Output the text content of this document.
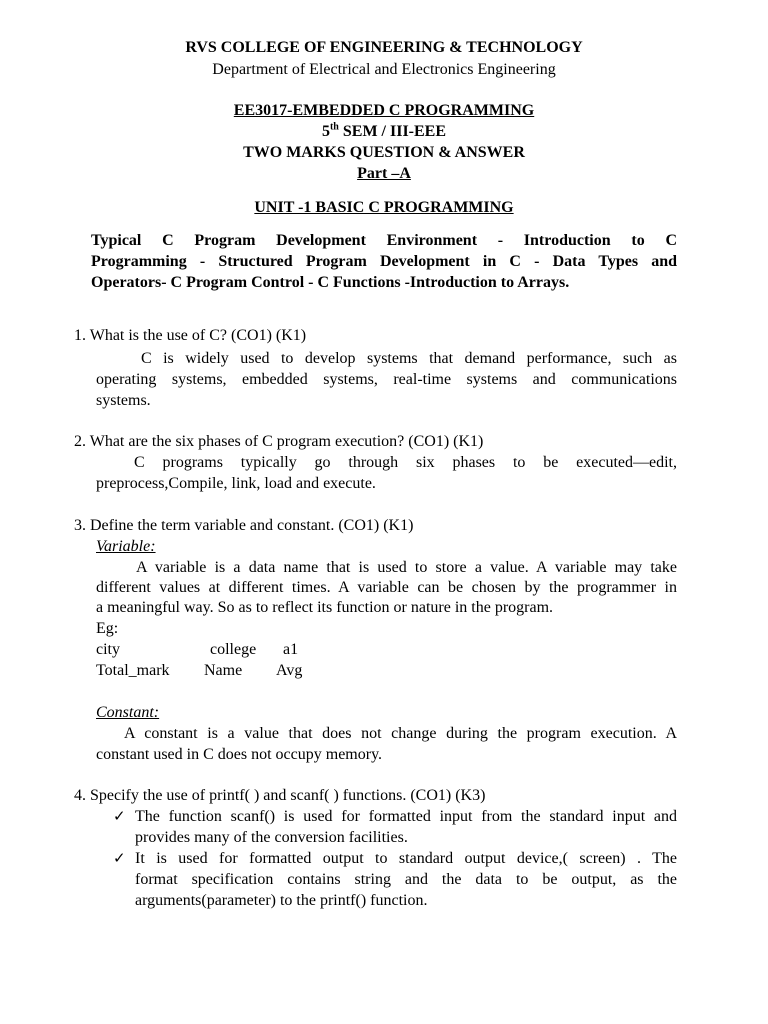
RVS COLLEGE OF ENGINEERING & TECHNOLOGY
Department of Electrical and Electronics Engineering
EE3017-EMBEDDED C PROGRAMMING
5th SEM / III-EEE
TWO MARKS QUESTION & ANSWER
Part –A
UNIT -1 BASIC C PROGRAMMING
Typical C Program Development Environment - Introduction to C
Programming - Structured Program Development in C - Data Types and
Operators- C Program Control - C Functions -Introduction to Arrays.
1. What is the use of C? (CO1) (K1)
C is widely used to develop systems that demand performance, such as
operating systems, embedded systems, real-time systems and communications
systems.
2. What are the six phases of C program execution? (CO1) (K1)
C programs typically go through six phases to be executed—edit,
preprocess,Compile, link, load and execute.
3. Define the term variable and constant. (CO1) (K1)
Variable:
A variable is a data name that is used to store a value. A variable may take
different values at different times. A variable can be chosen by the programmer in
a meaningful way. So as to reflect its function or nature in the program.
Eg:
city	college a1
Total_mark Name Avg
Constant:
A constant is a value that does not change during the program execution. A
constant used in C does not occupy memory.
4. Specify the use of printf( ) and scanf( ) functions. (CO1) (K3)
✓ The function scanf() is used for formatted input from the standard input and
provides many of the conversion facilities.
✓ It is used for formatted output to standard output device,( screen) . The
format specification contains string and the data to be output, as the
arguments(parameter) to the printf() function.
